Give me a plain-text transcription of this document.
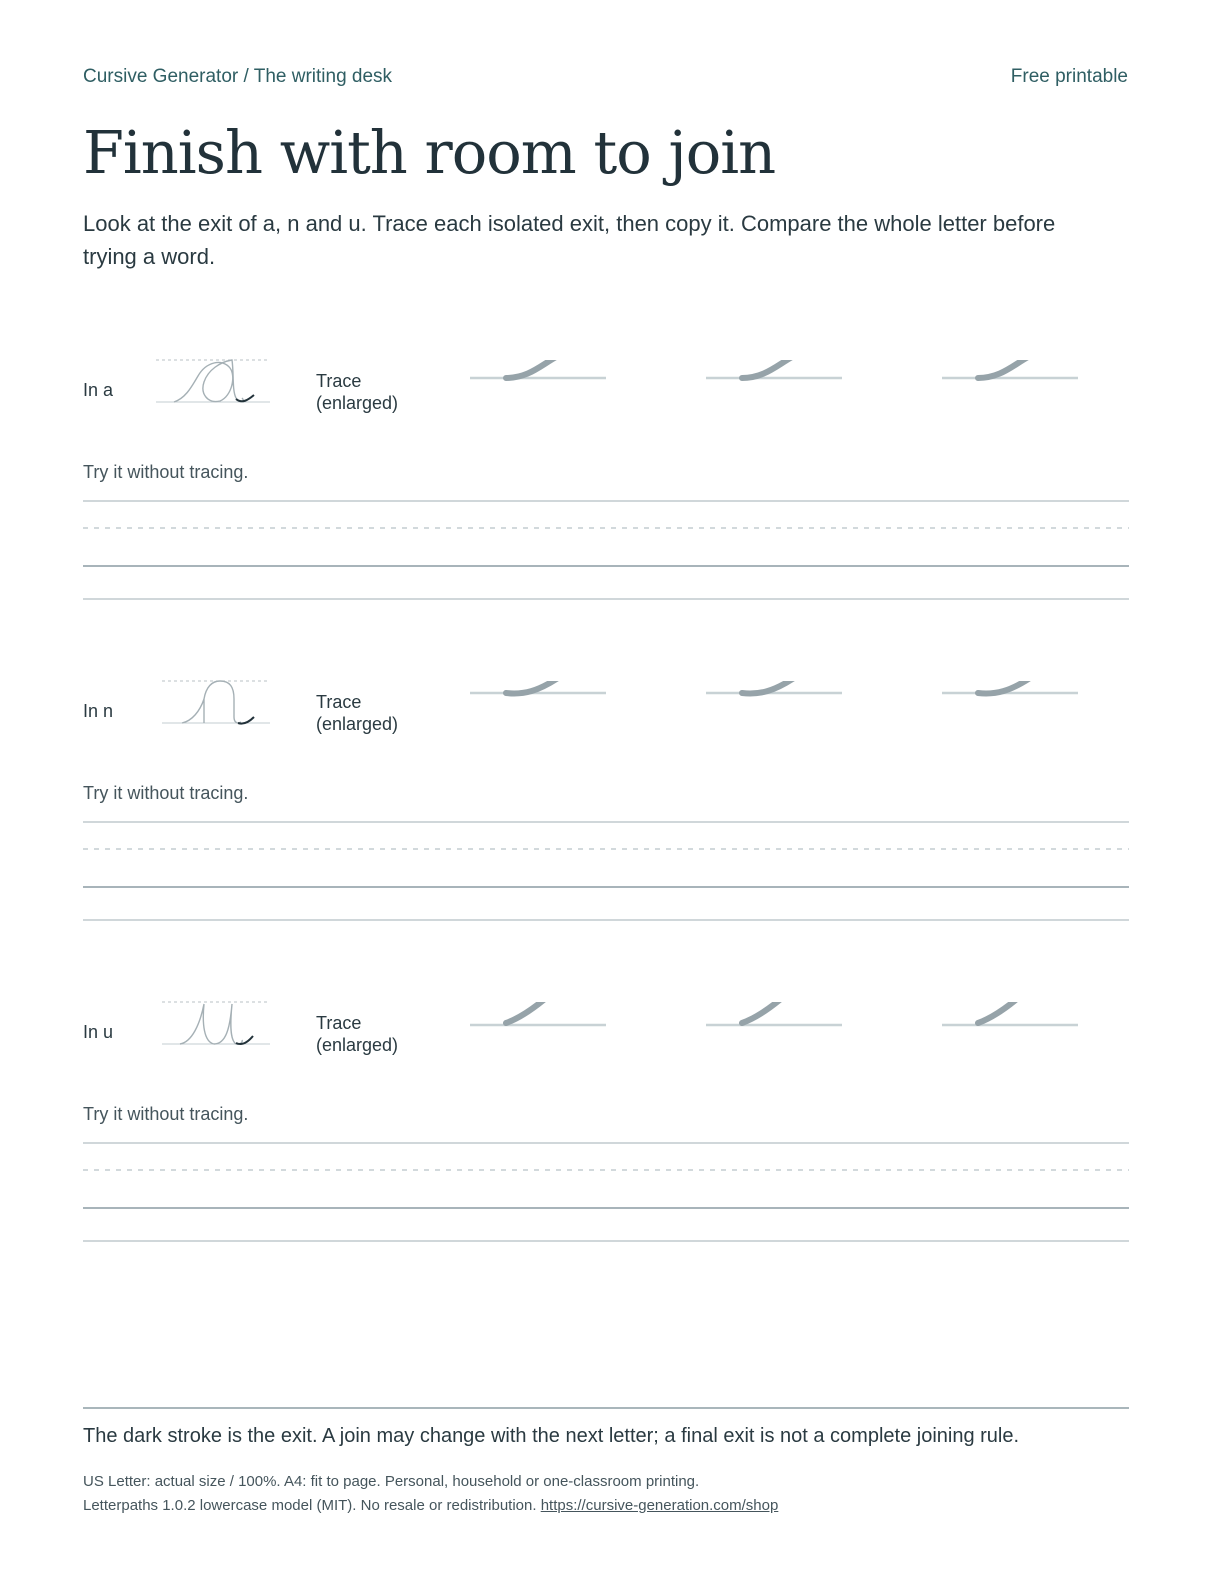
Cursive Generator / The writing desk	Free printable
Finish with room to join

Look at the exit of a, n and u. Trace each isolated exit, then copy it. Compare the whole letter before trying a word.

In a	Trace
(enlarged)
Try it without tracing.
In n	Trace
(enlarged)
Try it without tracing.
In u	Trace
(enlarged)
Try it without tracing.

The dark stroke is the exit. A join may change with the next letter; a final exit is not a complete joining rule.

US Letter: actual size / 100%. A4: fit to page. Personal, household or one-classroom printing.
Letterpaths 1.0.2 lowercase model (MIT). No resale or redistribution. https://cursive-generation.com/shop
